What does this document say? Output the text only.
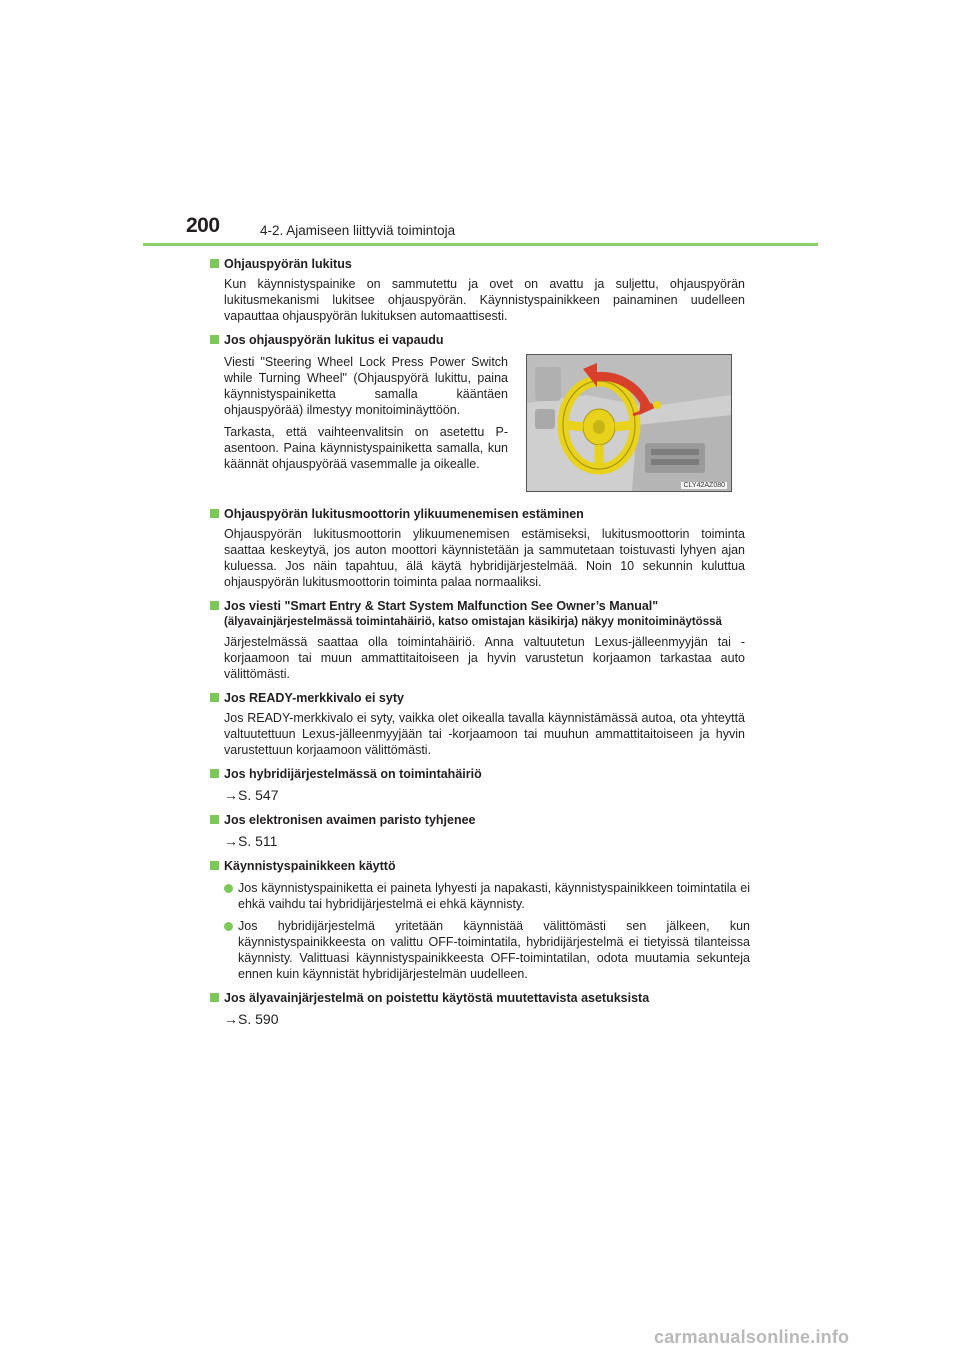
200	4-2. Ajamiseen liittyviä toimintoja
Ohjauspyörän lukitus

Kun käynnistyspainike on sammutettu ja ovet on avattu ja suljettu, ohjauspyörän lukitusmekanismi lukitsee ohjauspyörän. Käynnistyspainikkeen painaminen uudelleen vapauttaa ohjauspyörän lukituksen automaattisesti.

Jos ohjauspyörän lukitus ei vapaudu

Viesti "Steering Wheel Lock Press Power Switch while Turning Wheel" (Ohjauspyörä lukittu, paina käynnistyspainiketta samalla kääntäen ohjauspyörää) ilmestyy monitoiminäyttöön.

Tarkasta, että vaihteenvalitsin on asetettu P-asentoon. Paina käynnistyspainiketta samalla, kun käännät ohjauspyörää vasemmalle ja oikealle.

CLY42AZ080
Ohjauspyörän lukitusmoottorin ylikuumenemisen estäminen

Ohjauspyörän lukitusmoottorin ylikuumenemisen estämiseksi, lukitusmoottorin toiminta saattaa keskeytyä, jos auton moottori käynnistetään ja sammutetaan toistuvasti lyhyen ajan kuluessa. Jos näin tapahtuu, älä käytä hybridijärjestelmää. Noin 10 sekunnin kuluttua ohjauspyörän lukitusmoottorin toiminta palaa normaaliksi.

Jos viesti "Smart Entry & Start System Malfunction See Owner’s Manual"
(älyavainjärjestelmässä toimintahäiriö, katso omistajan käsikirja) näkyy monitoiminäytössä

Järjestelmässä saattaa olla toimintahäiriö. Anna valtuutetun Lexus-jälleenmyyjän tai -korjaamoon tai muun ammattitaitoiseen ja hyvin varustetun korjaamon tarkastaa auto välittömästi.

Jos READY-merkkivalo ei syty

Jos READY-merkkivalo ei syty, vaikka olet oikealla tavalla käynnistämässä autoa, ota yhteyttä valtuutettuun Lexus-jälleenmyyjään tai -korjaamoon tai muuhun ammattitaitoiseen ja hyvin varustettuun korjaamoon välittömästi.

Jos hybridijärjestelmässä on toimintahäiriö
→S. 547
Jos elektronisen avaimen paristo tyhjenee
→S. 511
Käynnistyspainikkeen käyttö
Jos käynnistyspainiketta ei paineta lyhyesti ja napakasti, käynnistyspainikkeen toimintatila ei ehkä vaihdu tai hybridijärjestelmä ei ehkä käynnisty.
Jos hybridijärjestelmä yritetään käynnistää välittömästi sen jälkeen, kun käynnistyspainikkeesta on valittu OFF-toimintatila, hybridijärjestelmä ei tietyissä tilanteissa käynnisty. Valittuasi käynnistyspainikkeesta OFF-toimintatilan, odota muutamia sekunteja ennen kuin käynnistät hybridijärjestelmän uudelleen.
Jos älyavainjärjestelmä on poistettu käytöstä muutettavista asetuksista
→S. 590
carmanualsonline.info
